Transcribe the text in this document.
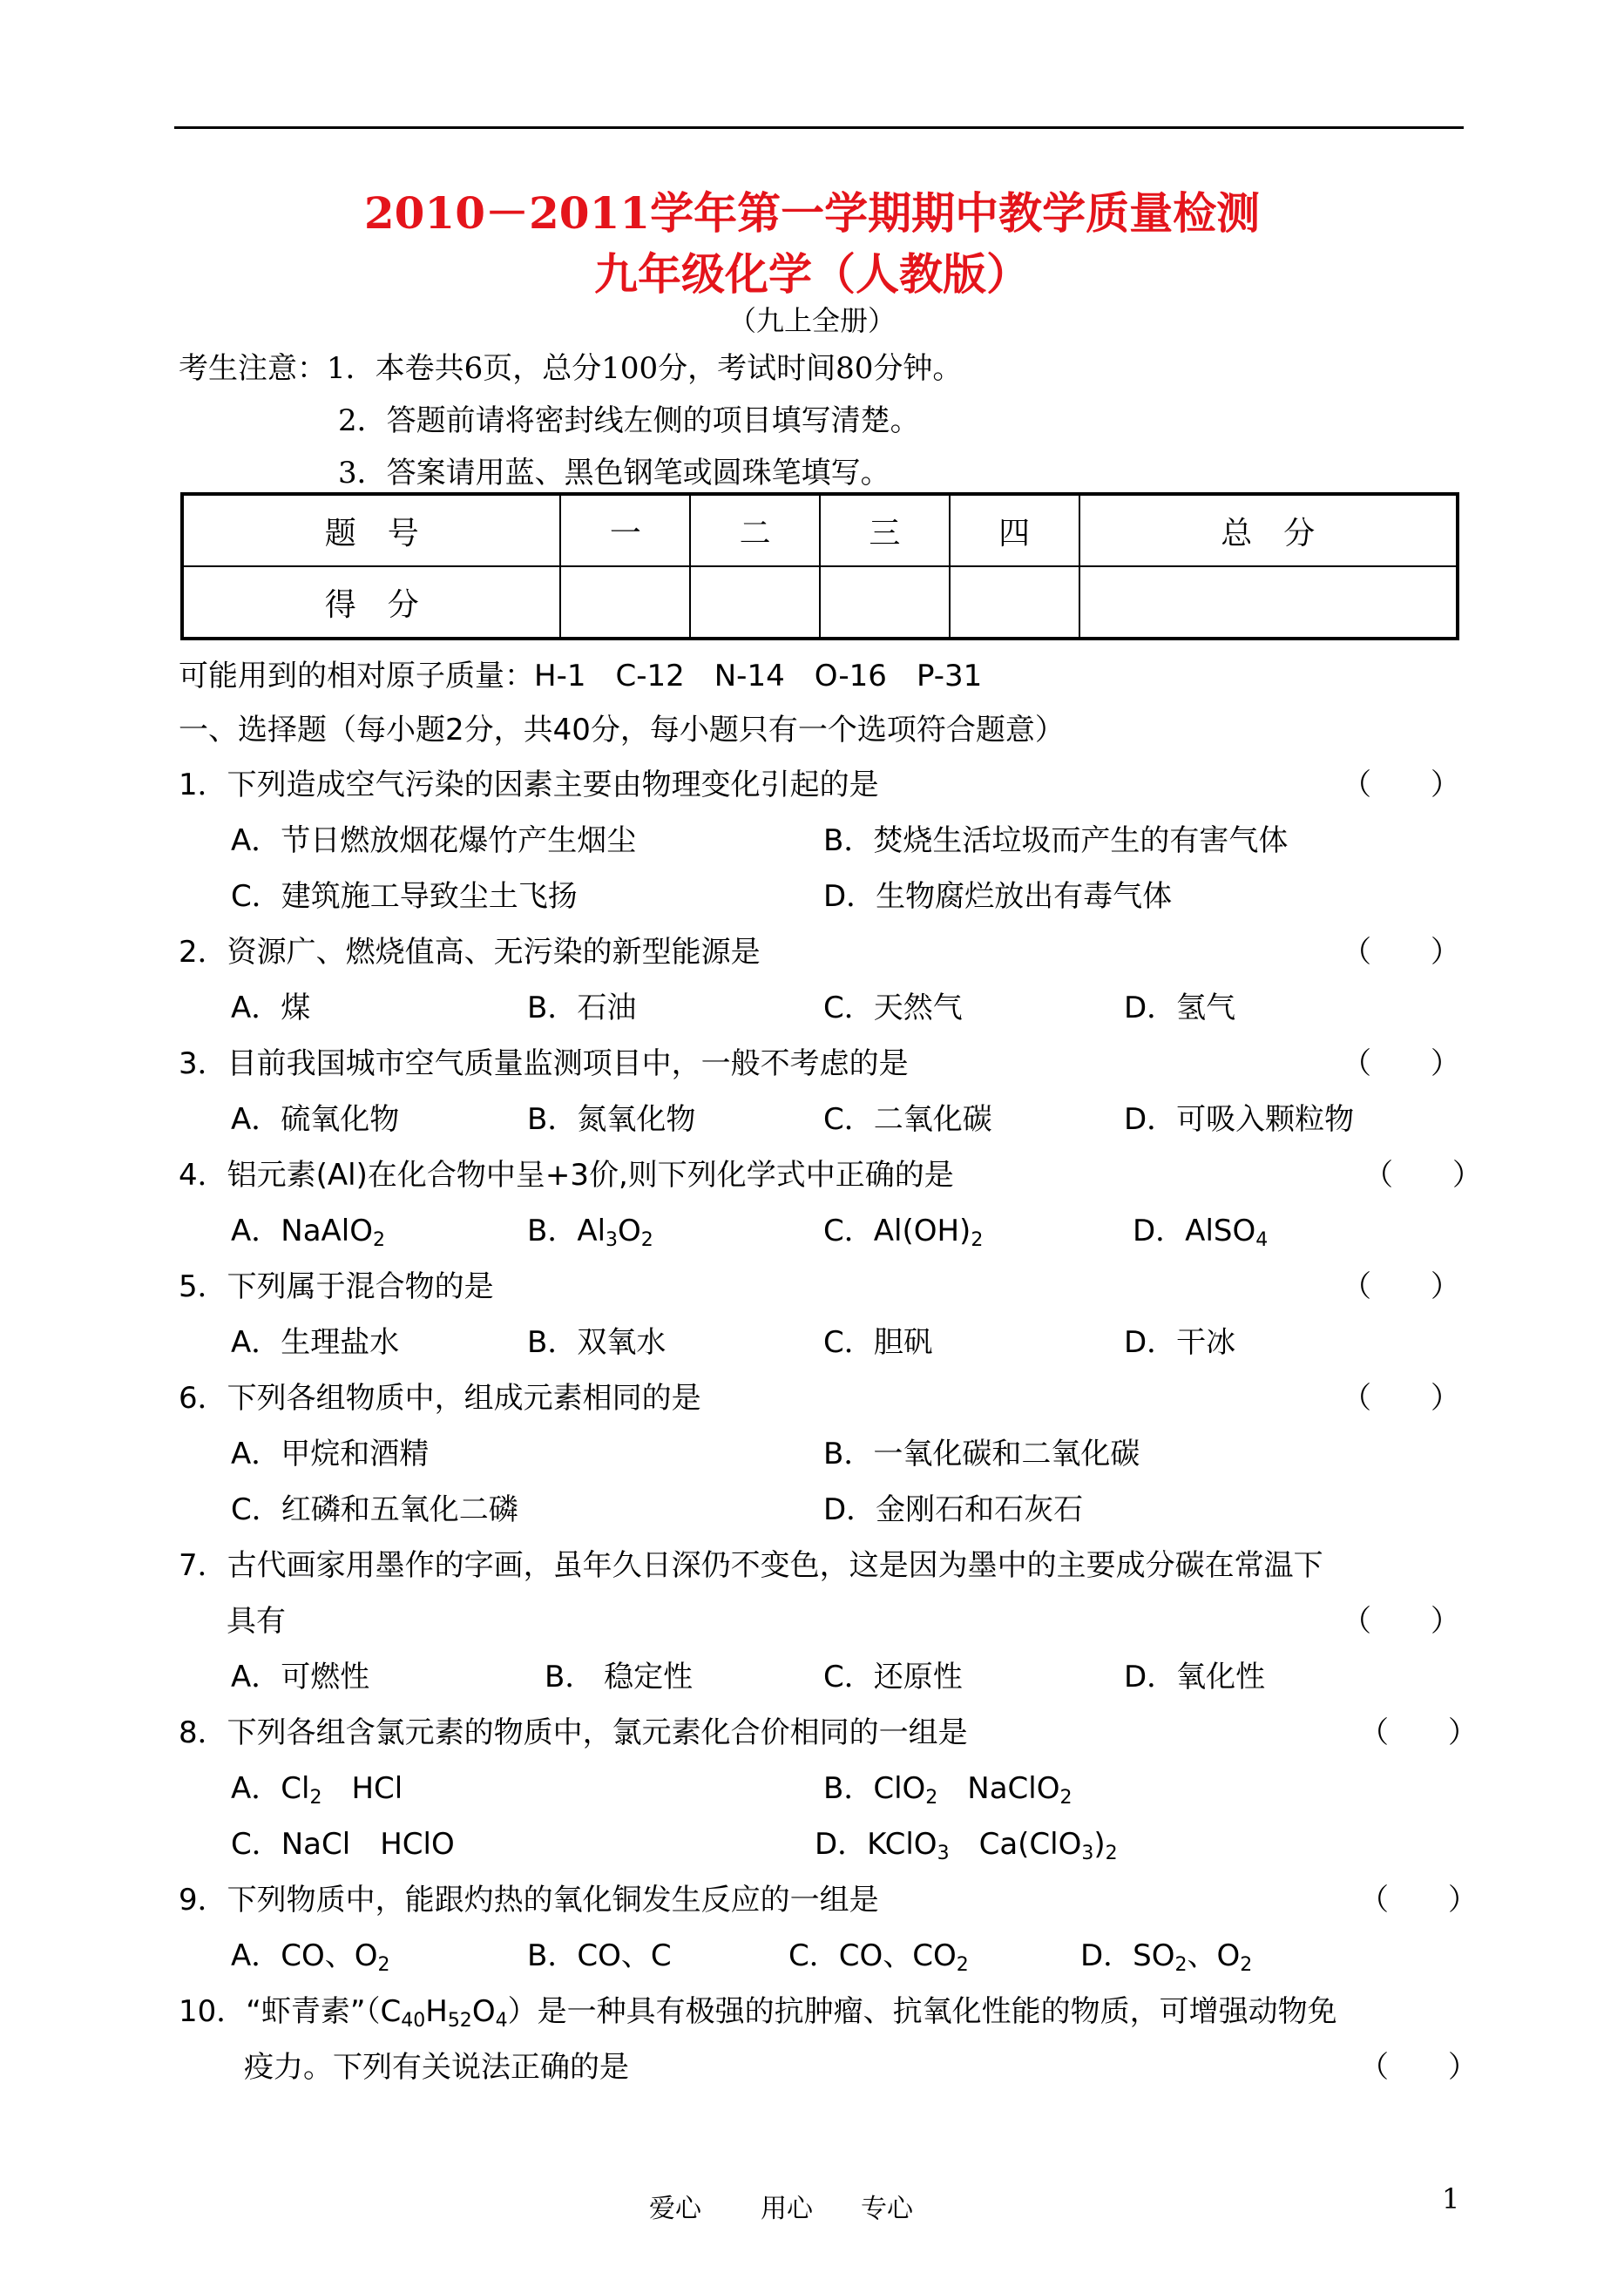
2010－2011学年第一学期期中教学质量检测
九年级化学（人教版）
（九上全册）
考生注意：1．本卷共6页，总分100分，考试时间80分钟。
2．答题前请将密封线左侧的项目填写清楚。
3．答案请用蓝、黑色钢笔或圆珠笔填写。
题　号	一	二	三	四	总　分
得　分					
可能用到的相对原子质量：H-1　C-12　N-14　O-16　P-31
一、选择题（每小题2分，共40分，每小题只有一个选项符合题意）
1．下列造成空气污染的因素主要由物理变化引起的是	（　　）
A．节日燃放烟花爆竹产生烟尘	B．焚烧生活垃圾而产生的有害气体
C．建筑施工导致尘土飞扬	D．生物腐烂放出有毒气体
2．资源广、燃烧值高、无污染的新型能源是	（　　）
A．煤	B．石油	C．天然气	D．氢气
3．目前我国城市空气质量监测项目中，一般不考虑的是	（　　）
A．硫氧化物	B．氮氧化物	C．二氧化碳	D．可吸入颗粒物
4．铝元素(Al)在化合物中呈+3价,则下列化学式中正确的是	（　　）
A．NaAlO$_2$	B．$Al_3O_2$	C．$Al(OH)_2$	D．AlSO$_4$
5．下列属于混合物的是	（　　）
A．生理盐水	B．双氧水	C．胆矾	D．干冰
6．下列各组物质中，组成元素相同的是	（　　）
A．甲烷和酒精	B．一氧化碳和二氧化碳
C．红磷和五氧化二磷	D．金刚石和石灰石
7．古代画家用墨作的字画，虽年久日深仍不变色，这是因为墨中的主要成分碳在常温下
具有	（　　）
A．可燃性	B． 稳定性	C．还原性	D．氧化性
8．下列各组含氯元素的物质中，氯元素化合价相同的一组是	（　　）
A．$Cl_2$　HCl	B．ClO$_2$　NaClO$_2$
C．NaCl　HClO	D．KClO$_3$　$Ca(ClO_3)_2$
9．下列物质中，能跟灼热的氧化铜发生反应的一组是	（　　）
A．CO、$O_2$	B．CO、C	C．CO、$CO_2$	D．$SO_2$、$O_2$
10．“虾青素$”(C_{40}H_{52}O_4)$是一种具有极强的抗肿瘤、抗氧化性能的物质，可增强动物免
疫力。下列有关说法正确的是	（　　）
爱心 用心 专心	1
